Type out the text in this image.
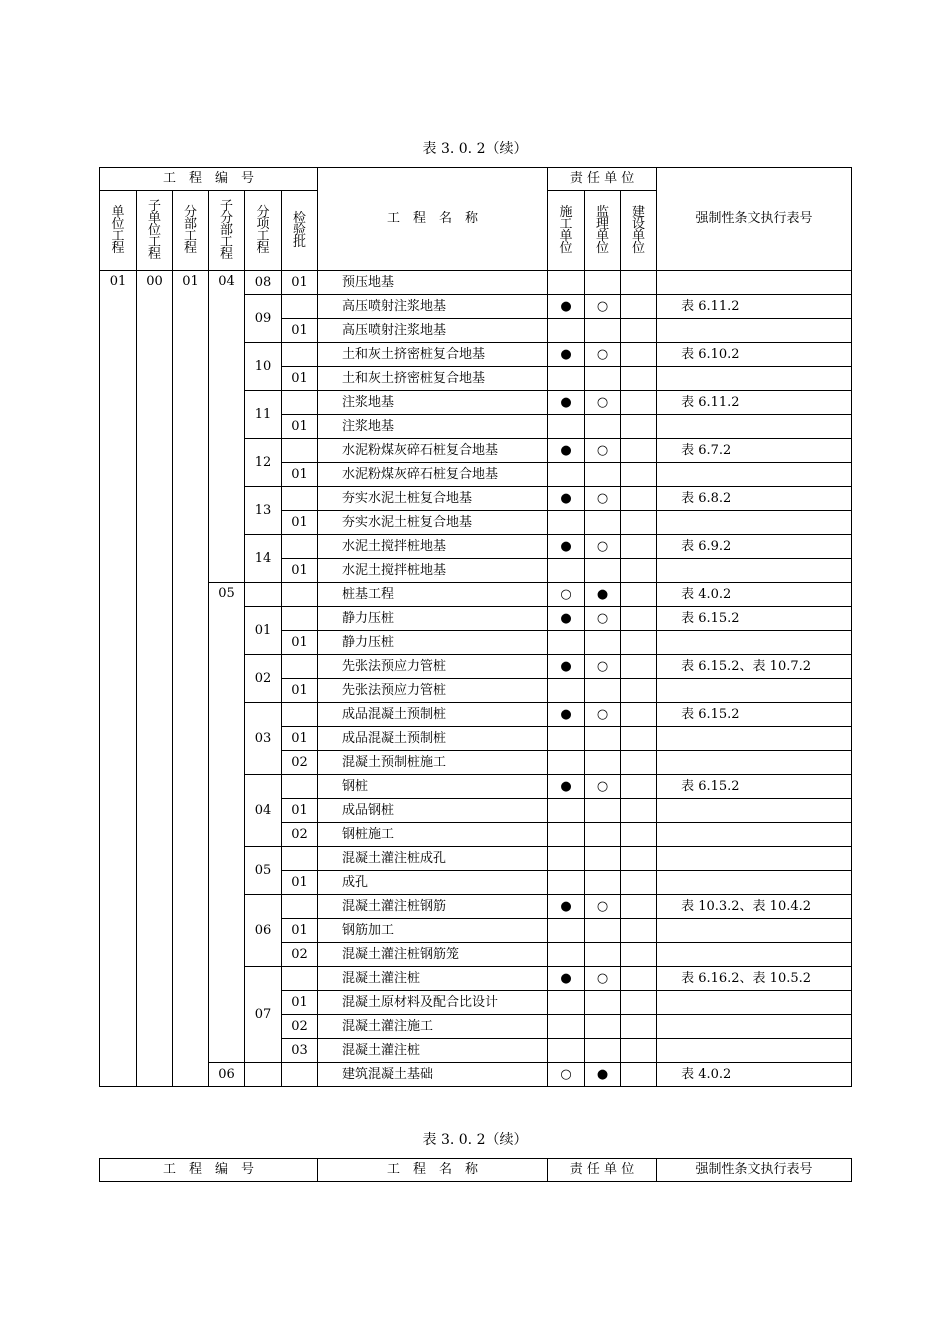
表 3. 0. 2（续）
工　程　编　号						工　程　名　称	责 任 单 位			强制性条文执行表号

单位工程	子单位工程	分部工程	子分部工程	分项工程	检验批		施工单位	监理单位	建设单位	

01	00	01	04	08	01	预压地基				
				09		高压喷射注浆地基	●	○		表 6.11.2
					01	高压喷射注浆地基				
				10		土和灰土挤密桩复合地基	●	○		表 6.10.2
					01	土和灰土挤密桩复合地基				
				11		注浆地基	●	○		表 6.11.2
					01	注浆地基				
				12		水泥粉煤灰碎石桩复合地基	●	○		表 6.7.2
					01	水泥粉煤灰碎石桩复合地基				
				13		夯实水泥土桩复合地基	●	○		表 6.8.2
					01	夯实水泥土桩复合地基				
				14		水泥土搅拌桩地基	●	○		表 6.9.2
					01	水泥土搅拌桩地基				
			05			桩基工程	○	●		表 4.0.2
				01		静力压桩	●	○		表 6.15.2
					01	静力压桩				
				02		先张法预应力管桩	●	○		表 6.15.2、表 10.7.2
					01	先张法预应力管桩				
				03		成品混凝土预制桩	●	○		表 6.15.2
					01	成品混凝土预制桩				
					02	混凝土预制桩施工				
				04		钢桩	●	○		表 6.15.2
					01	成品钢桩				
					02	钢桩施工				
				05		混凝土灌注桩成孔				
					01	成孔				
				06		混凝土灌注桩钢筋	●	○		表 10.3.2、表 10.4.2
					01	钢筋加工				
					02	混凝土灌注桩钢筋笼				
				07		混凝土灌注桩	●	○		表 6.16.2、表 10.5.2
					01	混凝土原材料及配合比设计				
					02	混凝土灌注施工				
					03	混凝土灌注桩				
			06			建筑混凝土基础	○	●		表 4.0.2
表 3. 0. 2（续）
工　程　编　号	工　程　名　称	责 任 单 位	强制性条文执行表号
